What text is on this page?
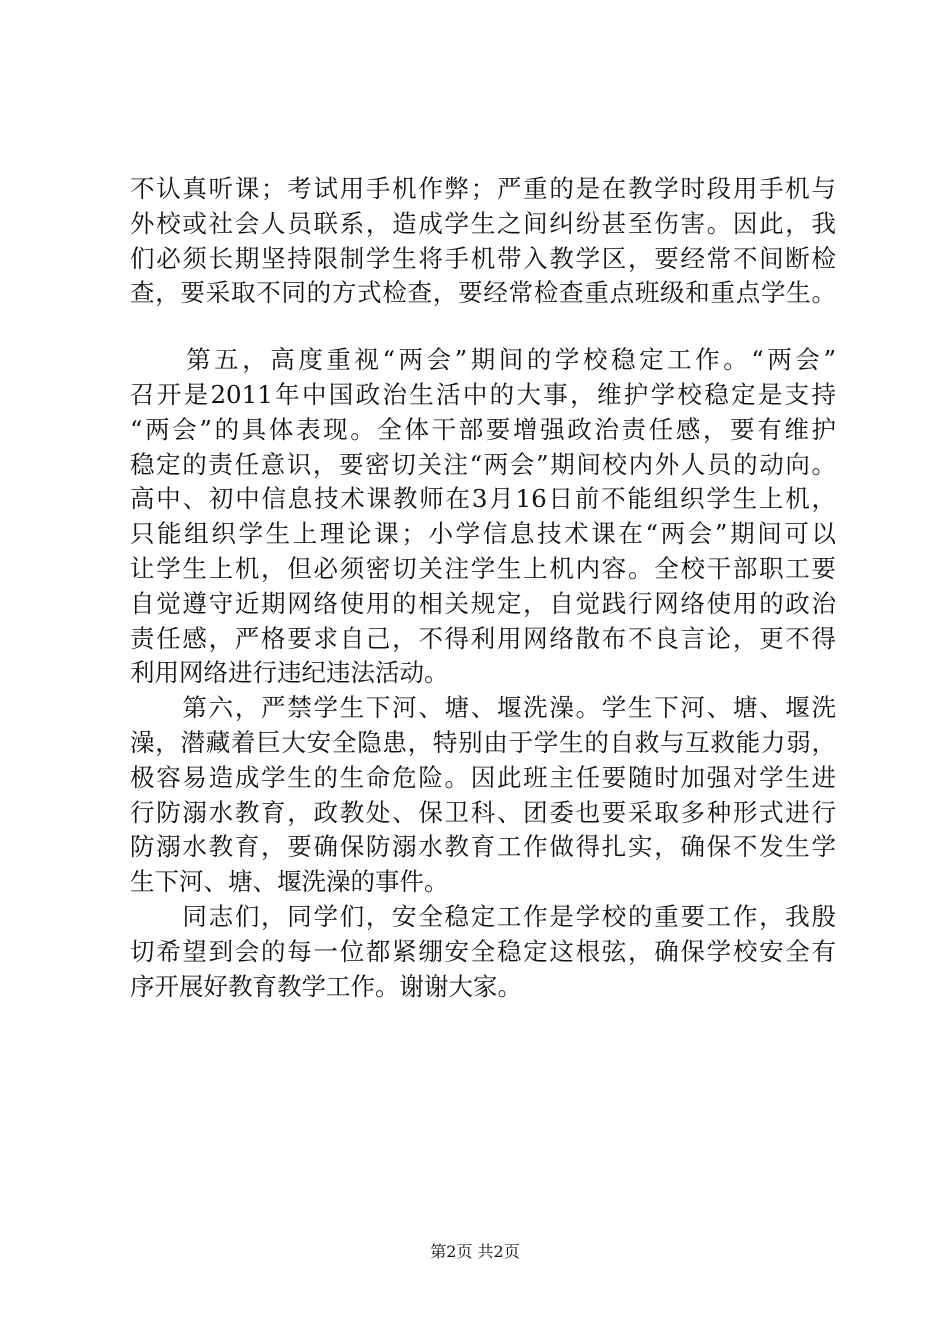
不认真听课；考试用手机作弊；严重的是在教学时段用手机与
外校或社会人员联系，造成学生之间纠纷甚至伤害。因此，我
们必须长期坚持限制学生将手机带入教学区，要经常不间断检
查，要采取不同的方式检查，要经常检查重点班级和重点学生。
　　第五，高度重视“两会”期间的学校稳定工作。“两会”
召开是2011年中国政治生活中的大事，维护学校稳定是支持
“两会”的具体表现。全体干部要增强政治责任感，要有维护
稳定的责任意识，要密切关注“两会”期间校内外人员的动向。
高中、初中信息技术课教师在3月16日前不能组织学生上机，
只能组织学生上理论课；小学信息技术课在“两会”期间可以
让学生上机，但必须密切关注学生上机内容。全校干部职工要
自觉遵守近期网络使用的相关规定，自觉践行网络使用的政治
责任感，严格要求自己，不得利用网络散布不良言论，更不得
利用网络进行违纪违法活动。
　　第六，严禁学生下河、塘、堰洗澡。学生下河、塘、堰洗
澡，潜藏着巨大安全隐患，特别由于学生的自救与互救能力弱，
极容易造成学生的生命危险。因此班主任要随时加强对学生进
行防溺水教育，政教处、保卫科、团委也要采取多种形式进行
防溺水教育，要确保防溺水教育工作做得扎实，确保不发生学
生下河、塘、堰洗澡的事件。
　　同志们，同学们，安全稳定工作是学校的重要工作，我殷
切希望到会的每一位都紧绷安全稳定这根弦，确保学校安全有
序开展好教育教学工作。谢谢大家。
第2页 共2页
